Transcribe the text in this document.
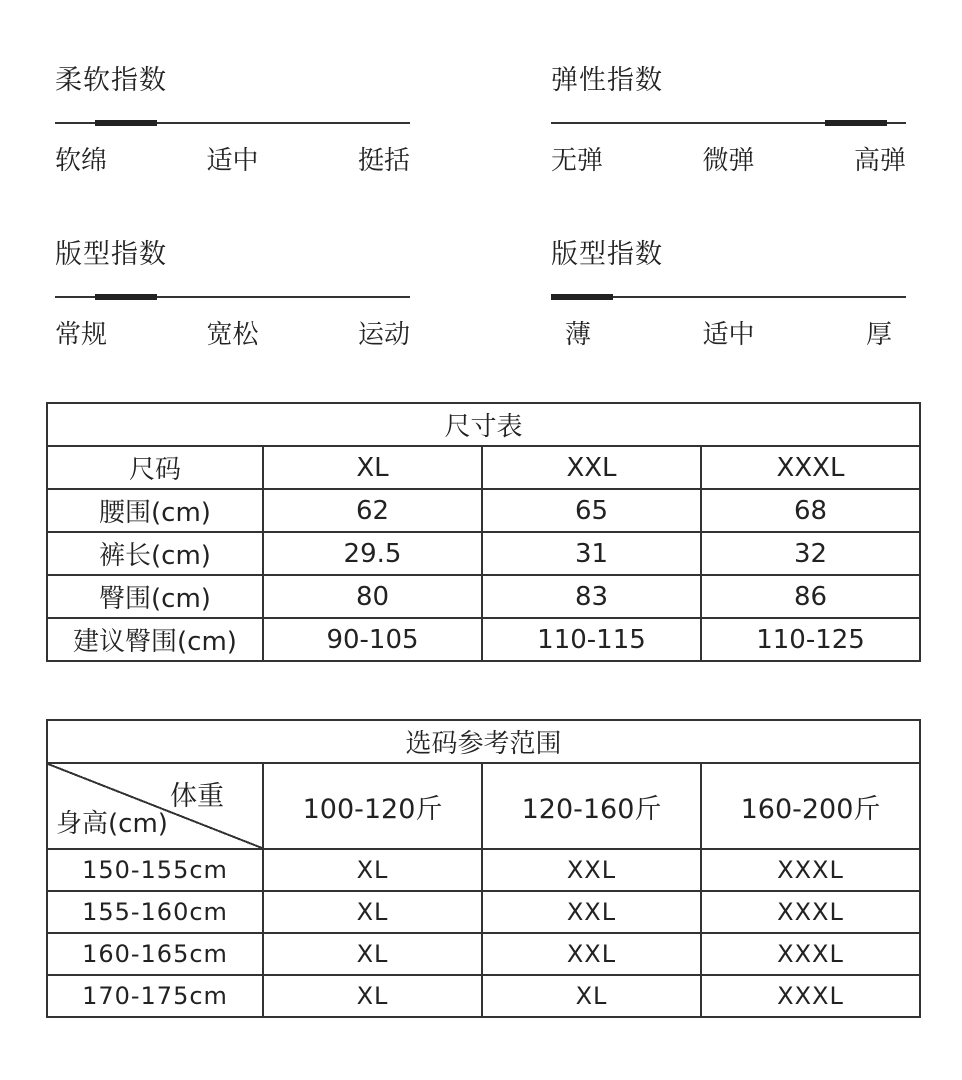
柔软指数
软绵	适中	挺括
弹性指数
无弹	微弹	高弹
版型指数
常规	宽松	运动
版型指数
薄	适中	厚
尺寸表			
尺码	XL	XXL	XXXL
腰围(cm)	62	65	68
裤长(cm)	29.5	31	32
臀围(cm)	80	83	86
建议臀围(cm)	90-105	110-115	110-125
选码参考范围			

体重
身高(cm)	100-120斤	120-160斤	160-200斤
150-155cm	XL	XXL	XXXL
155-160cm	XL	XXL	XXXL
160-165cm	XL	XXL	XXXL
170-175cm	XL	XL	XXXL
